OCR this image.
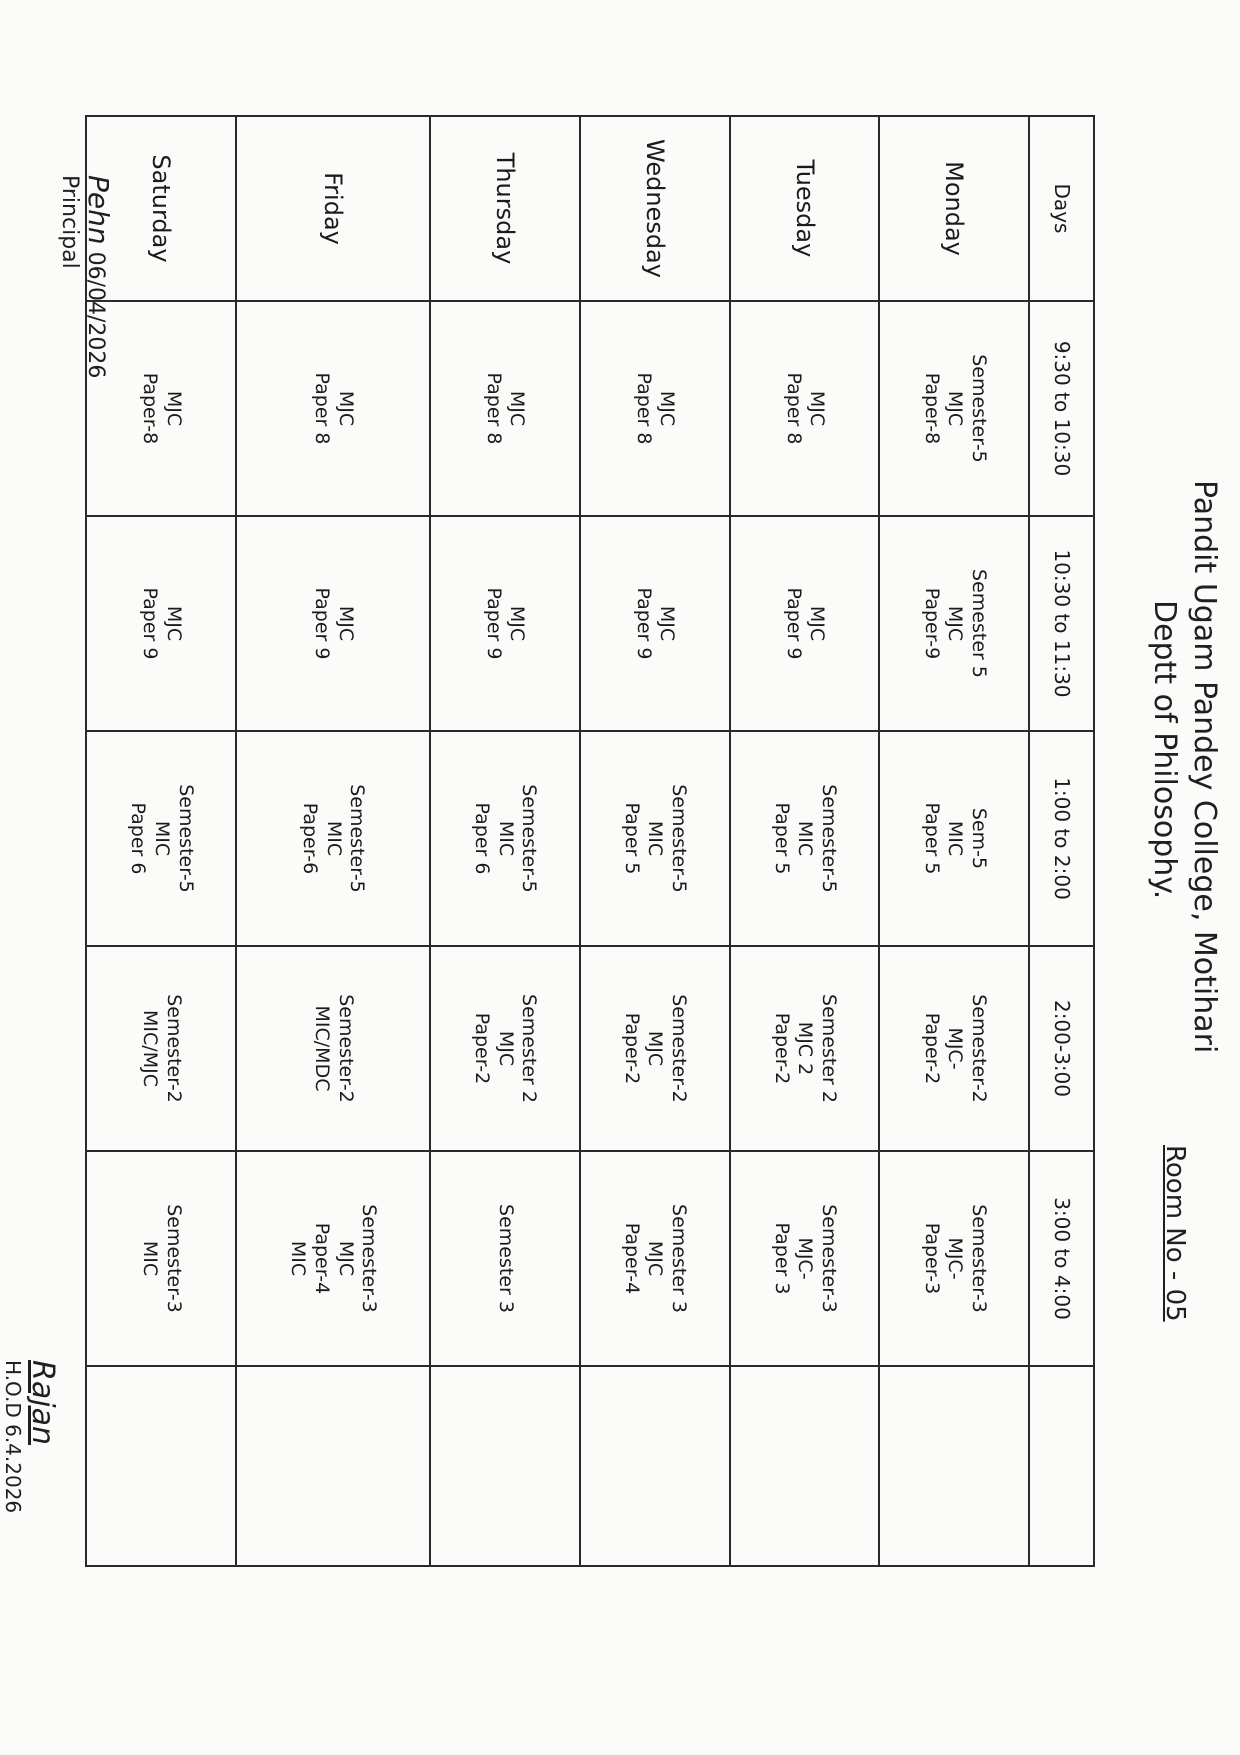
Pandit Ugam Pandey College, Motihari
Deptt of Philosophy.
Room No - 05
Days	9:30 to 10:30	10:30 to 11:30	1:00 to 2:00	2:00-3:00	3:00 to 4:00	
Monday	Semester-5
MJC
Paper-8	Semester 5
MJC
Paper-9	Sem-5
MIC
Paper 5	Semester-2
MJC-
Paper-2	Semester-3
MJC-
Paper-3	
Tuesday	MJC
Paper 8	MJC
Paper 9	Semester-5
MIC
Paper 5	Semester 2
MJC 2
Paper-2	Semester-3
MJC-
Paper 3	
Wednesday	MJC
Paper 8	MJC
Paper 9	Semester-5
MIC
Paper 5	Semester-2
MJC
Paper-2	Semester 3
MJC
Paper-4	
Thursday	MJC
Paper 8	MJC
Paper 9	Semester-5
MIC
Paper 6	Semester 2
MJC
Paper-2	Semester 3	
Friday	MJC
Paper 8	MJC
Paper 9	Semester-5
MIC
Paper-6	Semester-2
MIC/MDC	Semester-3
MJC
Paper-4
MIC	
Saturday	MJC
Paper-8	MJC
Paper 9	Semester-5
MIC
Paper 6	Semester-2
MIC/MJC	Semester-3
MIC	
Rajan
H.O.D 6.4.2026
Pehn 06/04/2026
Principal
